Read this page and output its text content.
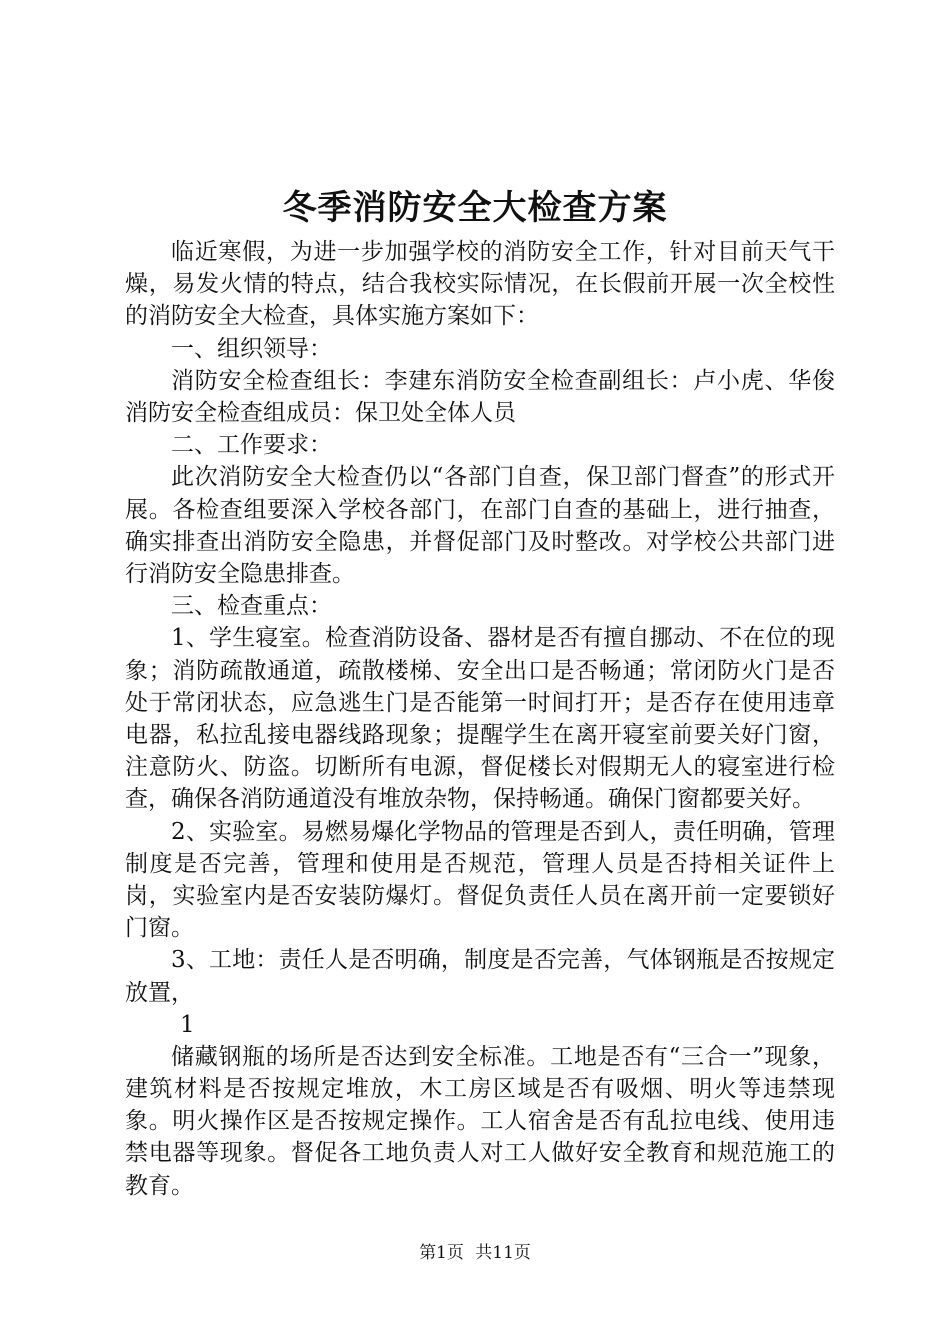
冬季消防安全大检查方案

临近寒假，为进一步加强学校的消防安全工作，针对目前天气干燥，易发火情的特点，结合我校实际情况，在长假前开展一次全校性的消防安全大检查，具体实施方案如下：

一、组织领导：

消防安全检查组长：李建东消防安全检查副组长：卢小虎、华俊消防安全检查组成员：保卫处全体人员

二、工作要求：

此次消防安全大检查仍以“各部门自查，保卫部门督查”的形式开展。各检查组要深入学校各部门，在部门自查的基础上，进行抽查，确实排查出消防安全隐患，并督促部门及时整改。对学校公共部门进行消防安全隐患排查。

三、检查重点：

1、学生寝室。检查消防设备、器材是否有擅自挪动、不在位的现象；消防疏散通道，疏散楼梯、安全出口是否畅通；常闭防火门是否处于常闭状态，应急逃生门是否能第一时间打开；是否存在使用违章电器，私拉乱接电器线路现象；提醒学生在离开寝室前要关好门窗，注意防火、防盗。切断所有电源，督促楼长对假期无人的寝室进行检查，确保各消防通道没有堆放杂物，保持畅通。确保门窗都要关好。

2、实验室。易燃易爆化学物品的管理是否到人，责任明确，管理制度是否完善，管理和使用是否规范，管理人员是否持相关证件上岗，实验室内是否安装防爆灯。督促负责任人员在离开前一定要锁好门窗。

3、工地：责任人是否明确，制度是否完善，气体钢瓶是否按规定放置，

1

储藏钢瓶的场所是否达到安全标准。工地是否有“三合一”现象，建筑材料是否按规定堆放，木工房区域是否有吸烟、明火等违禁现象。明火操作区是否按规定操作。工人宿舍是否有乱拉电线、使用违禁电器等现象。督促各工地负责人对工人做好安全教育和规范施工的教育。

第1页 共11页
